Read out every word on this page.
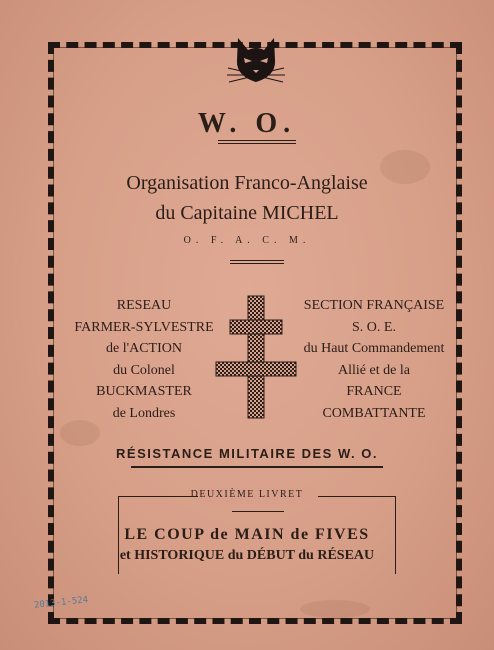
W. O.
Organisation Franco-Anglaise
du Capitaine MICHEL
O. F. A. C. M.
RESEAU
FARMER-SYLVESTRE
de l'ACTION
du Colonel
BUCKMASTER
de Londres
SECTION FRANÇAISE
S. O. E.
du Haut Commandement
Allié et de la
FRANCE
COMBATTANTE
RÉSISTANCE MILITAIRE DES W. O.
DEUXIÈME LIVRET
LE COUP de MAIN de FIVES
et HISTORIQUE du DÉBUT du RÉSEAU
2013-1-524
